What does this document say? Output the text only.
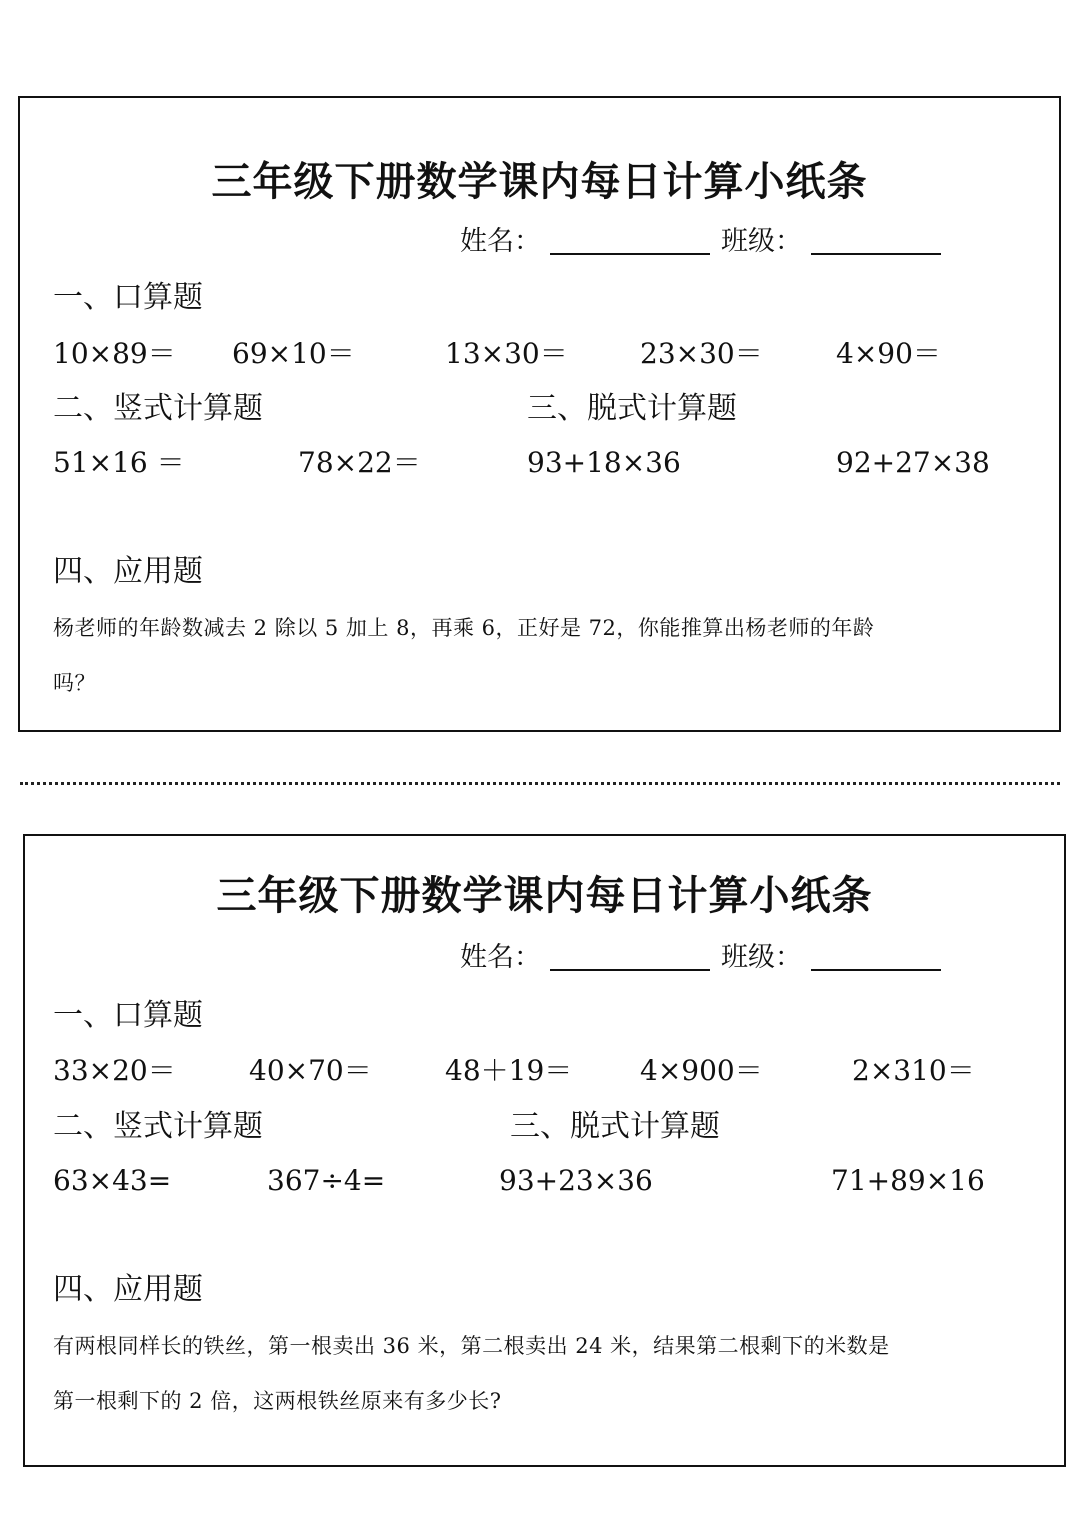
三年级下册数学课内每日计算小纸条
姓名：	班级：
一、口算题
10×89＝ 69×10＝	13×30＝	23×30＝	4×90＝
二、竖式计算题	三、脱式计算题
51×16 ＝	78×22＝	93+18×36	92+27×38
四、应用题
杨老师的年龄数减去 2 除以 5 加上 8，再乘 6，正好是 72，你能推算出杨老师的年龄
吗？
三年级下册数学课内每日计算小纸条
姓名：	班级：
一、口算题
33×20＝	40×70＝	48＋19＝ 4×900＝	2×310＝
二、竖式计算题	三、脱式计算题
63×43=	367÷4=	93+23×36	71+89×16
四、应用题
有两根同样长的铁丝，第一根卖出 36 米，第二根卖出 24 米，结果第二根剩下的米数是
第一根剩下的 2 倍，这两根铁丝原来有多少长?
